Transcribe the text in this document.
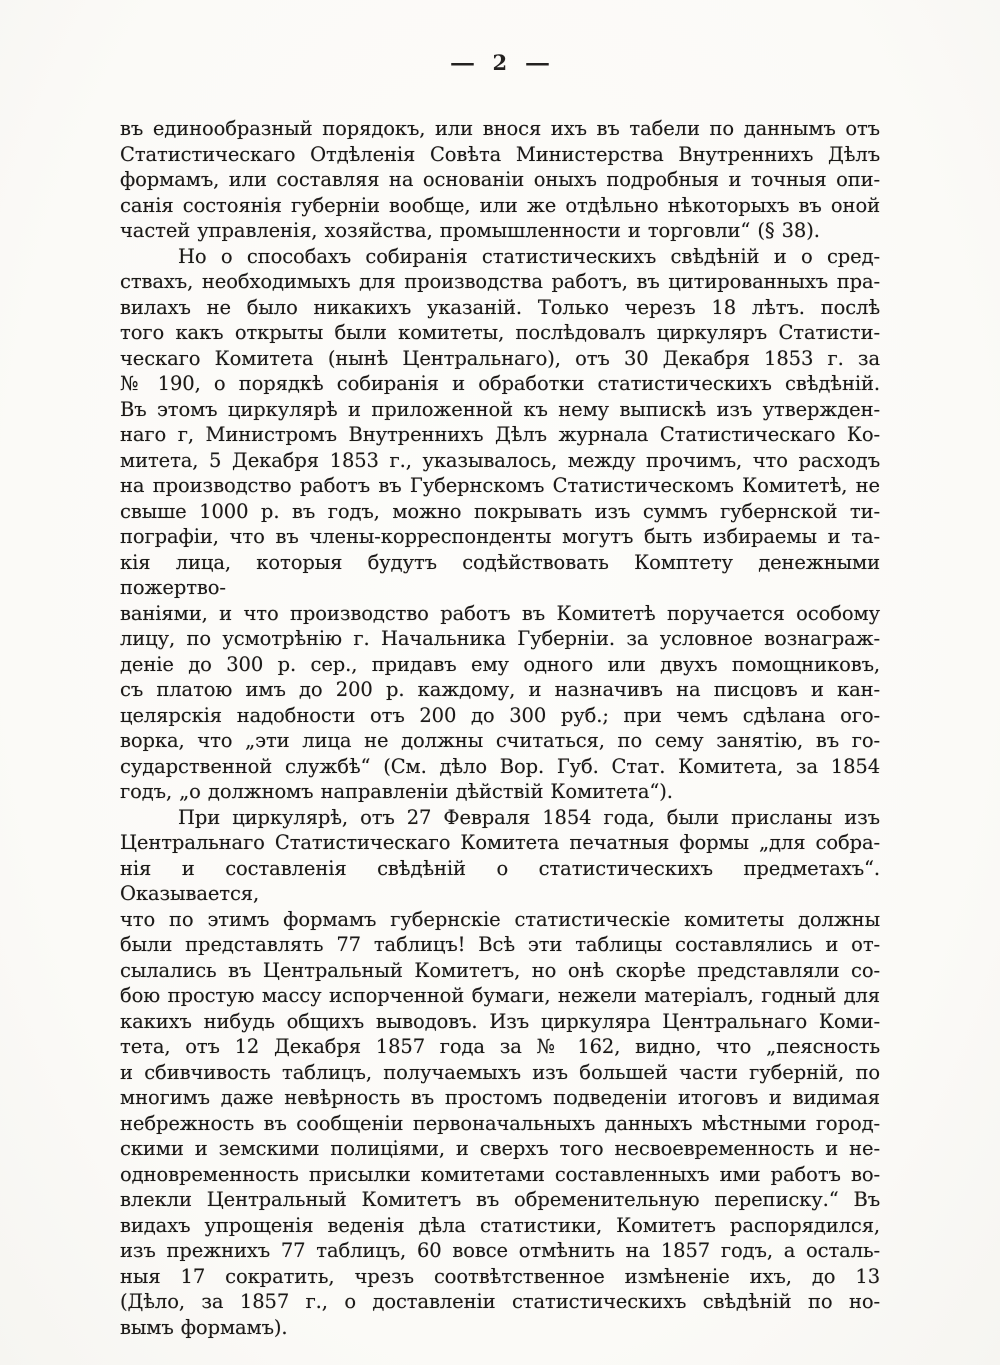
— 2 —
въ единообразный порядокъ, или внося ихъ въ табели по даннымъ отъ
Статистическаго Отдѣленія Совѣта Министерства Внутреннихъ Дѣлъ
формамъ, или составляя на основаніи оныхъ подробныя и точныя опи-
санія состоянія губерніи вообще, или же отдѣльно нѣкоторыхъ въ оной
частей управленія, хозяйства, промышленности и торговли“ (§ 38).
Но о способахъ собиранія статистическихъ свѣдѣній и о сред-
ствахъ, необходимыхъ для производства работъ, въ цитированныхъ пра-
вилахъ не было никакихъ указаній. Только черезъ 18 лѣтъ. послѣ
того какъ открыты были комитеты, послѣдовалъ циркуляръ Статисти-
ческаго Комитета (нынѣ Центральнаго), отъ 30 Декабря 1853 г. за
№ 190, о порядкѣ собиранія и обработки статистическихъ свѣдѣній.
Въ этомъ циркулярѣ и приложенной къ нему выпискѣ изъ утвержден-
наго г, Министромъ Внутреннихъ Дѣлъ журнала Статистическаго Ко-
митета, 5 Декабря 1853 г., указывалось, между прочимъ, что расходъ
на производство работъ въ Губернскомъ Статистическомъ Комитетѣ, не
свыше 1000 р. въ годъ, можно покрывать изъ суммъ губернской ти-
пографіи, что въ члены-корреспонденты могутъ быть избираемы и та-
кія лица, которыя будутъ содѣйствовать Комптету денежными пожертво-
ваніями, и что производство работъ въ Комитетѣ поручается особому
лицу, по усмотрѣнію г. Начальника Губерніи. за условное вознаграж-
деніе до 300 р. сер., придавъ ему одного или двухъ помощниковъ,
съ платою имъ до 200 р. каждому, и назначивъ на писцовъ и кан-
целярскія надобности отъ 200 до 300 руб.; при чемъ сдѣлана ого-
ворка, что „эти лица не должны считаться, по сему занятію, въ го-
сударственной службѣ“ (См. дѣло Вор. Губ. Стат. Комитета, за 1854
годъ, „о должномъ направленіи дѣйствій Комитета“).
При циркулярѣ, отъ 27 Февраля 1854 года, были присланы изъ
Центральнаго Статистическаго Комитета печатныя формы „для собра-
нія и составленія свѣдѣній о статистическихъ предметахъ“. Оказывается,
что по этимъ формамъ губернскіе статистическіе комитеты должны
были представлять 77 таблицъ! Всѣ эти таблицы составлялись и от-
сылались въ Центральный Комитетъ, но онѣ скорѣе представляли со-
бою простую массу испорченной бумаги, нежели матеріалъ, годный для
какихъ нибудь общихъ выводовъ. Изъ циркуляра Центральнаго Коми-
тета, отъ 12 Декабря 1857 года за № 162, видно, что „пеясность
и сбивчивость таблицъ, получаемыхъ изъ большей части губерній, по
многимъ даже невѣрность въ простомъ подведеніи итоговъ и видимая
небрежность въ сообщеніи первоначальныхъ данныхъ мѣстными город-
скими и земскими полиціями, и сверхъ того несвоевременность и не-
одновременность присылки комитетами составленныхъ ими работъ во-
влекли Центральный Комитетъ въ обременительную переписку.“ Въ
видахъ упрощенія веденія дѣла статистики, Комитетъ распорядился,
изъ прежнихъ 77 таблицъ, 60 вовсе отмѣнить на 1857 годъ, а осталь-
ныя 17 сократить, чрезъ соотвѣтственное измѣненіе ихъ, до 13
(Дѣло, за 1857 г., о доставленіи статистическихъ свѣдѣній по но-
вымъ формамъ).
